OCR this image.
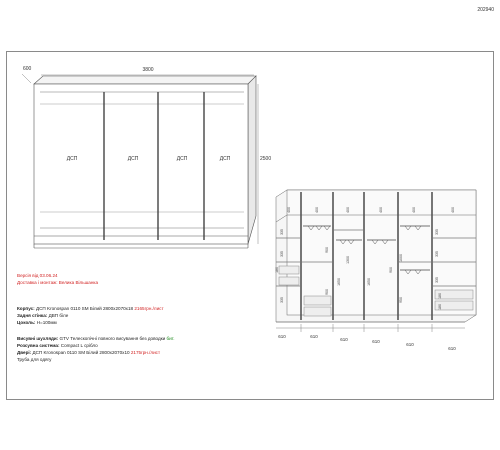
202940
3800
600
2500
ДСП	ДСП	ДСП	ДСП
610	610
610	610
610
610
400	400	400	400	400	400
335
335
335
900
1300
900
1650	1650
900
1000
950
335
335
335
180
180
180
Версія від 03.06.24
Доставка і монтаж: Велика Вільшанка
Корпус: ДСП Kronospan 0110 SM Білий 2800х2070х18 2165грн./лист
Задня стінка: ДВП біле
Цоколь: Н=100мм
Висувні шухляди: GTV Телескопічні повного висування без доводки бит.
Розсувна система: Compact L срібло
Двері: ДСП Kronospan 0110 SM Білий 2800х2070х10 2175грн./лист
Труба для одягу
